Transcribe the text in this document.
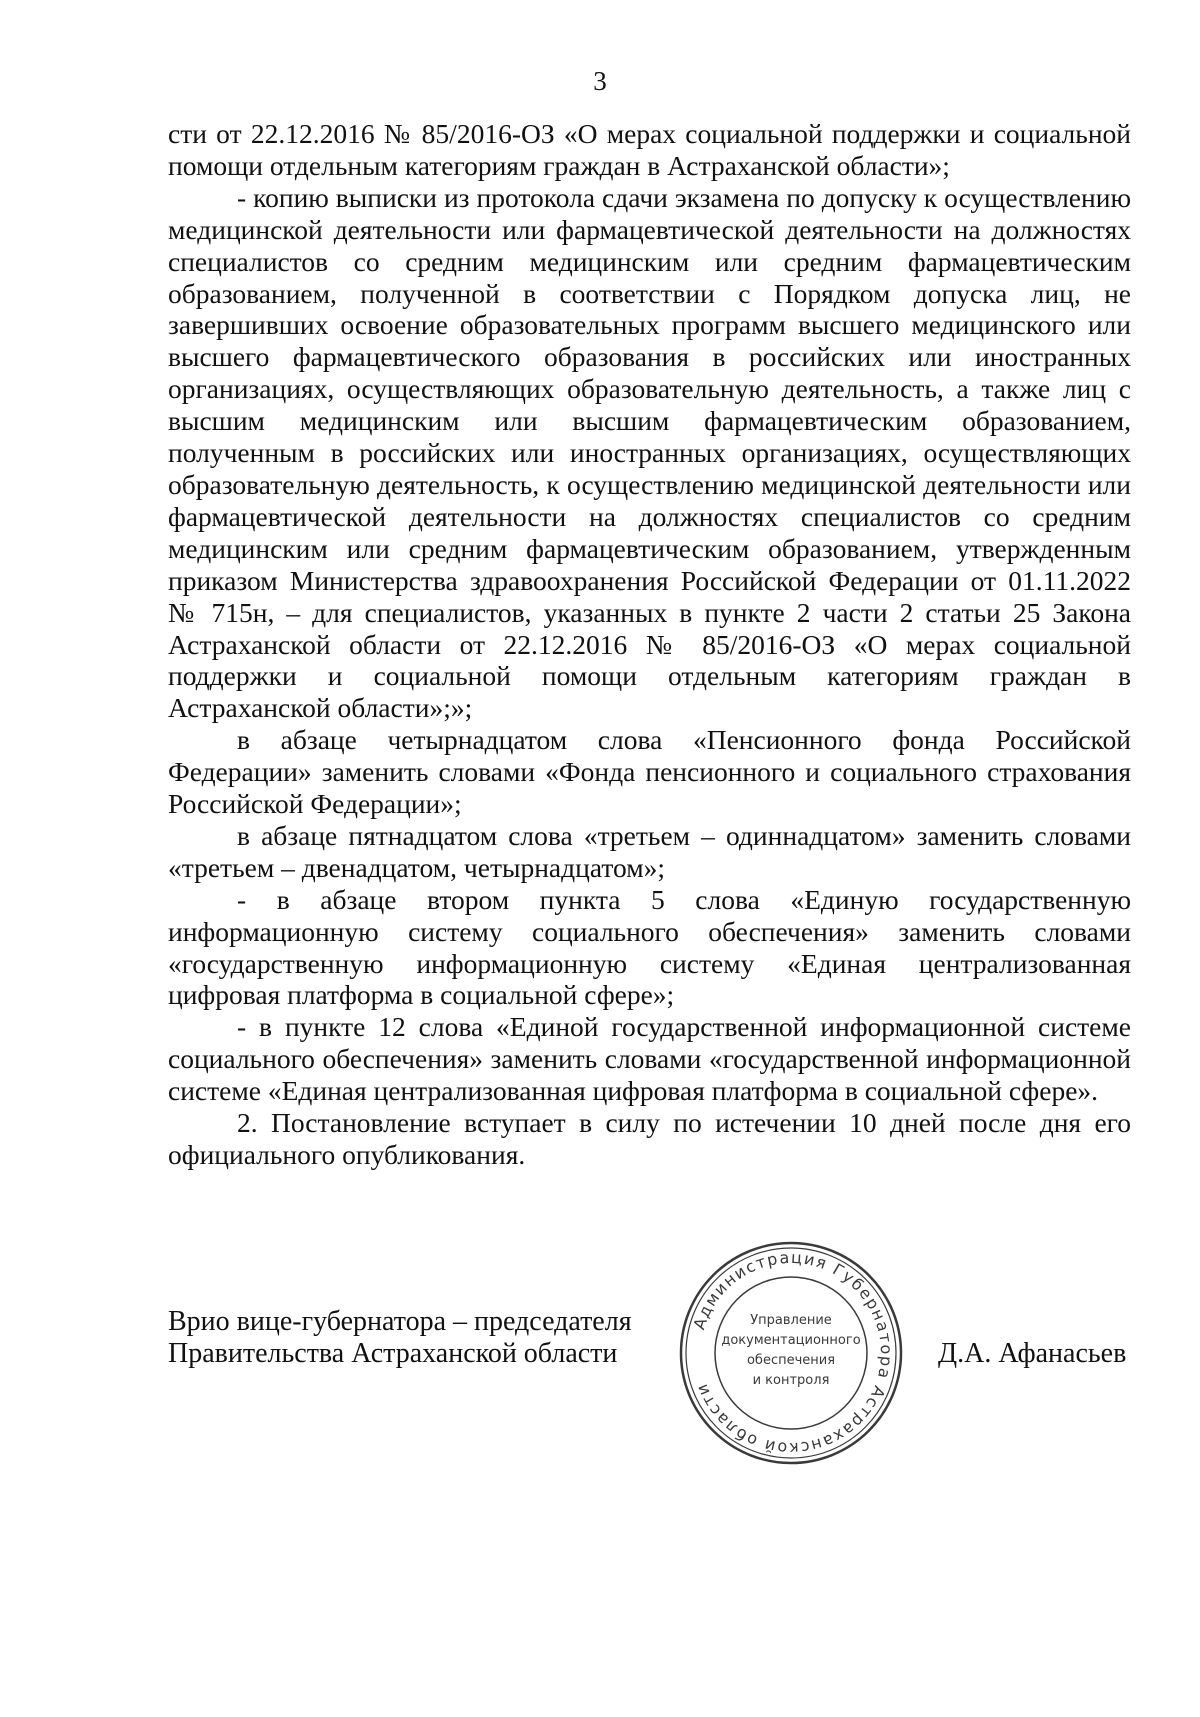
3

сти от 22.12.2016 № 85/2016-ОЗ «О мерах социальной поддержки и социальной помощи отдельным категориям граждан в Астраханской области»;

- копию выписки из протокола сдачи экзамена по допуску к осуществлению медицинской деятельности или фармацевтической деятельности на должностях специалистов со средним медицинским или средним фармацевтическим образованием, полученной в соответствии с Порядком допуска лиц, не завершивших освоение образовательных программ высшего медицинского или высшего фармацевтического образования в российских или иностранных организациях, осуществляющих образовательную деятельность, а также лиц с высшим медицинским или высшим фармацевтическим образованием, полученным в российских или иностранных организациях, осуществляющих образовательную деятельность, к осуществлению медицинской деятельности или фармацевтической деятельности на должностях специалистов со средним медицинским или средним фармацевтическим образованием, утвержденным приказом Министерства здравоохранения Российской Федерации от 01.11.2022 № 715н, – для специалистов, указанных в пункте 2 части 2 статьи 25 Закона Астраханской области от 22.12.2016 № 85/2016-ОЗ «О мерах социальной поддержки и социальной помощи отдельным категориям граждан в Астраханской области»;»;

в абзаце четырнадцатом слова «Пенсионного фонда Российской Федерации» заменить словами «Фонда пенсионного и социального страхования Российской Федерации»;

в абзаце пятнадцатом слова «третьем – одиннадцатом» заменить словами «третьем – двенадцатом, четырнадцатом»;

- в абзаце втором пункта 5 слова «Единую государственную информационную систему социального обеспечения» заменить словами «государственную информационную систему «Единая централизованная цифровая платформа в социальной сфере»;

- в пункте 12 слова «Единой государственной информационной системе социального обеспечения» заменить словами «государственной информационной системе «Единая централизованная цифровая платформа в социальной сфере».

2. Постановление вступает в силу по истечении 10 дней после дня его официального опубликования.

Врио вице-губернатора – председателя
Правительства Астраханской области
Администрация Губернатора Астраханской области
Управление
документационного
обеспечения
и контроля
Д.А. Афанасьев
